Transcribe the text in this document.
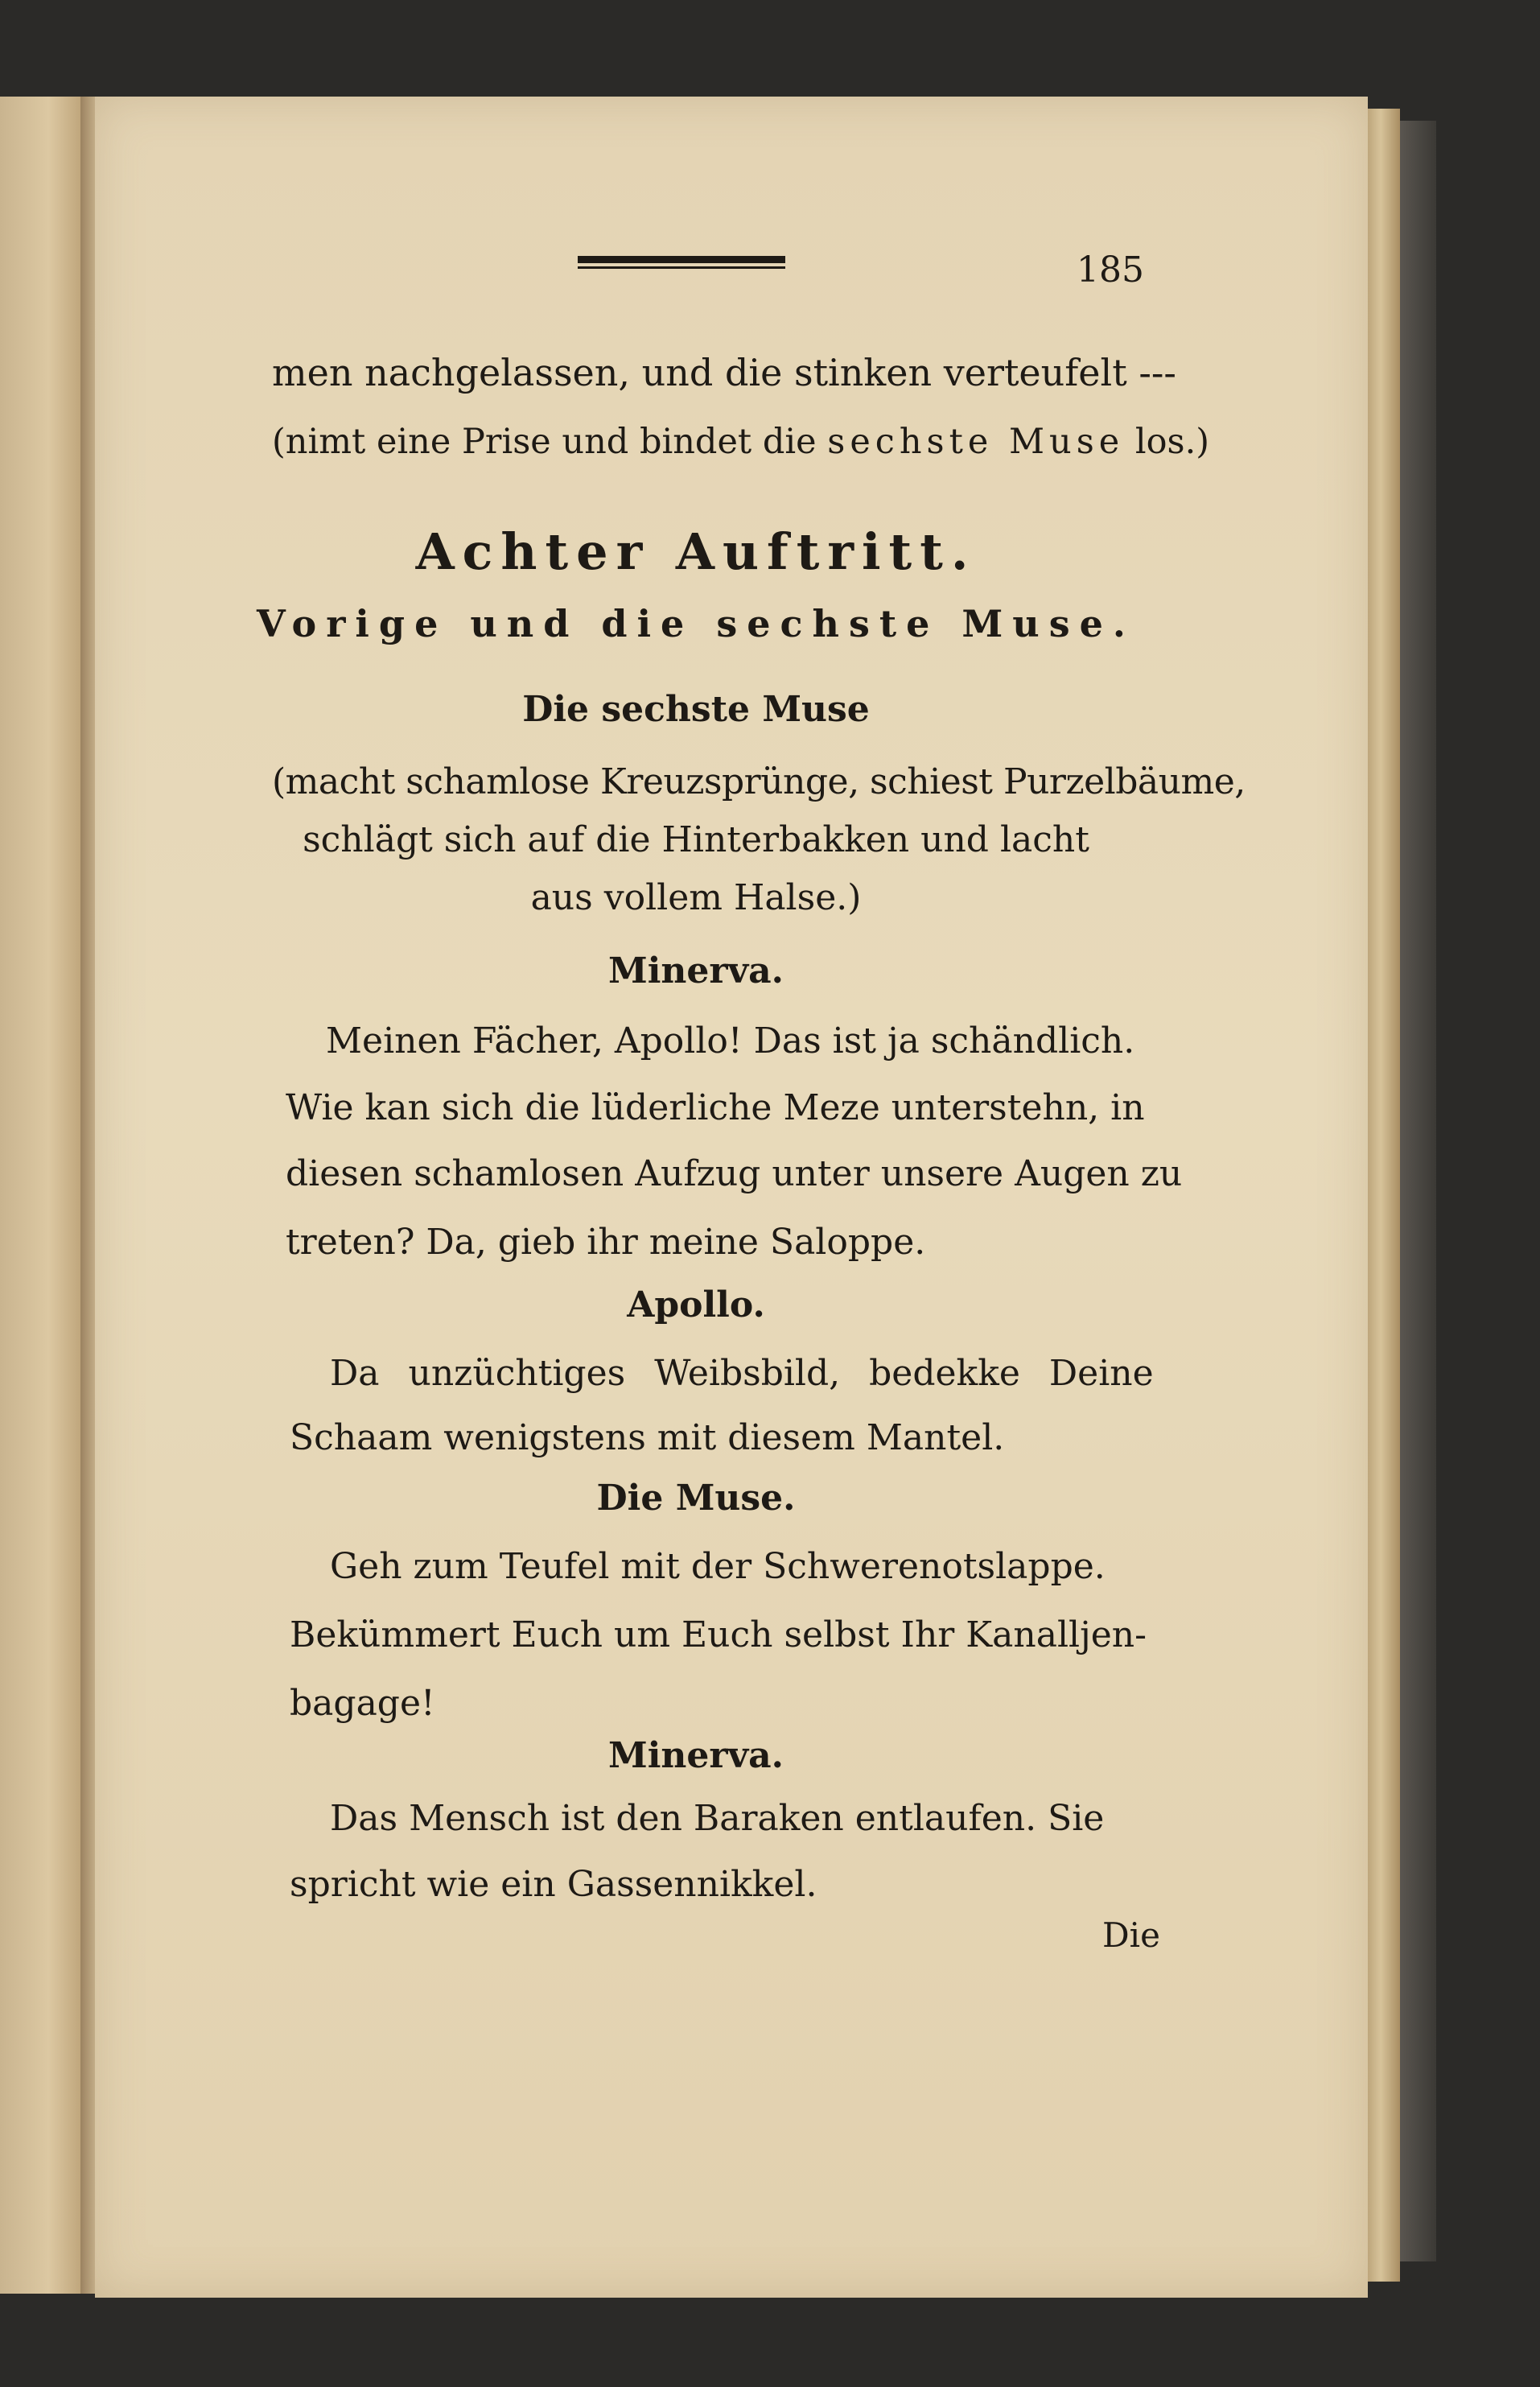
185
men nachgelassen, und die stinken verteufelt ---
(nimt eine Prise und bindet die sechste Muse los.)
Achter Auftritt.
Vorige und die sechste Muse.
Die sechste Muse
(macht schamlose Kreuzsprünge, schiest Purzelbäume,
schlägt sich auf die Hinterbakken und lacht
aus vollem Halse.)
Minerva.
Meinen Fächer, Apollo! Das ist ja schändlich.
Wie kan sich die lüderliche Meze unterstehn, in
diesen schamlosen Aufzug unter unsere Augen zu
treten? Da, gieb ihr meine Saloppe.
Apollo.
Da unzüchtiges Weibsbild, bedekke Deine
Schaam wenigstens mit diesem Mantel.
Die Muse.
Geh zum Teufel mit der Schwerenotslappe.
Bekümmert Euch um Euch selbst Ihr Kanalljen-
bagage!
Minerva.
Das Mensch ist den Baraken entlaufen. Sie
spricht wie ein Gassennikkel.
Die
